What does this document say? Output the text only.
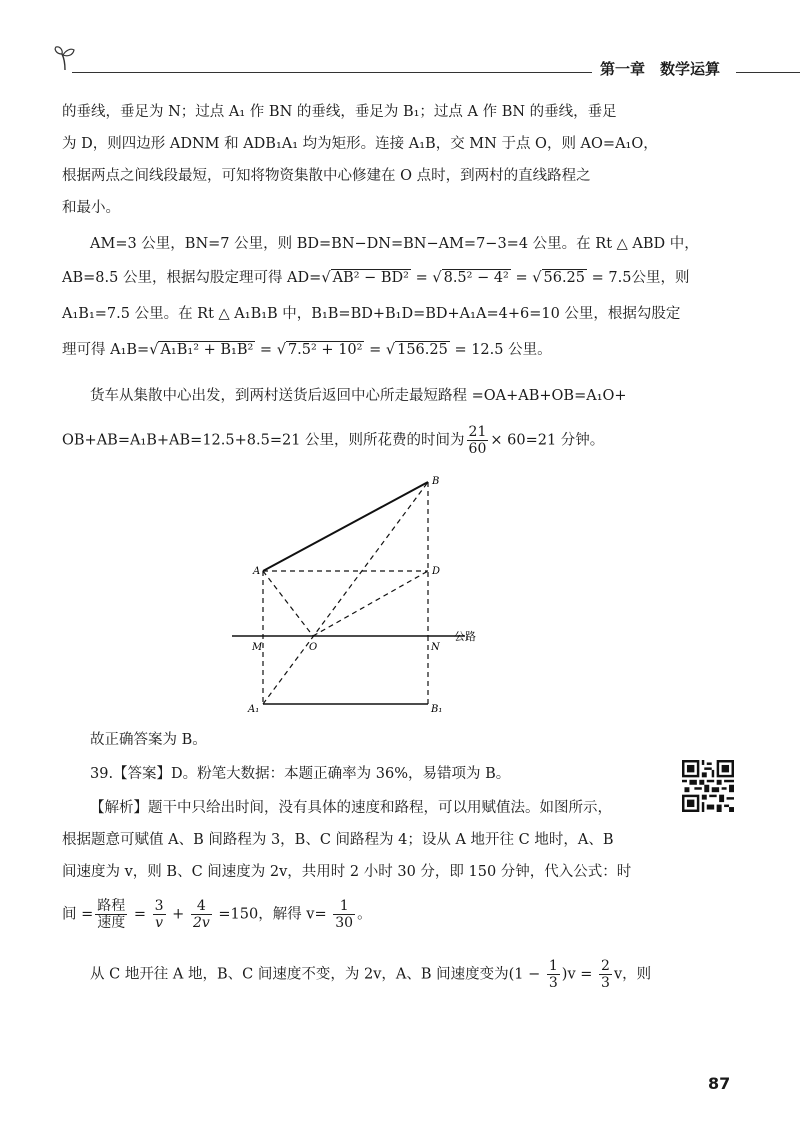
第一章　数学运算
的垂线，垂足为 N；过点 A₁ 作 BN 的垂线，垂足为 B₁；过点 A 作 BN 的垂线，垂足
为 D，则四边形 ADNM 和 ADB₁A₁ 均为矩形。连接 A₁B，交 MN 于点 O，则 AO=A₁O，
根据两点之间线段最短，可知将物资集散中心修建在 O 点时，到两村的直线路程之
和最小。
AM=3 公里，BN=7 公里，则 BD=BN−DN=BN−AM=7−3=4 公里。在 Rt △ ABD 中，
AB=8.5 公里，根据勾股定理可得 AD=√ AB² − BD² = √ 8.5² − 4² = √ 56.25 = 7.5公里，则
A₁B₁=7.5 公里。在 Rt △ A₁B₁B 中，B₁B=BD+B₁D=BD+A₁A=4+6=10 公里，根据勾股定
理可得 A₁B=√ A₁B₁² + B₁B² = √ 7.5² + 10² = √ 156.25 = 12.5 公里。
货车从集散中心出发，到两村送货后返回中心所走最短路程 =OA+AB+OB=A₁O+
OB+AB=A₁B+AB=12.5+8.5=21 公里，则所花费的时间为 $\frac{21}{60} \times 60=21$ 分钟。
B
A	D
M	O	N
公路
A₁	B₁
故正确答案为 B。
39.【答案】D。粉笔大数据：本题正确率为 36%，易错项为 B。
【解析】题干中只给出时间，没有具体的速度和路程，可以用赋值法。如图所示，
根据题意可赋值 A、B 间路程为 3，B、C 间路程为 4；设从 A 地开往 C 地时，A、B
间速度为 v，则 B、C 间速度为 2v，共用时 2 小时 30 分，即 150 分钟，代入公式：时
间 = $\frac{\text{路程}}{\text{速度}} = \frac{3}{v} + \frac{4}{2v} =150$，解得 $v= \frac{1}{30}$ 。
从 C 地开往 A 地，B、C 间速度不变，为 2v，A、B 间速度变为$(1 - \frac{1}{3} )v = \frac{2}{3}$ v，则
87
